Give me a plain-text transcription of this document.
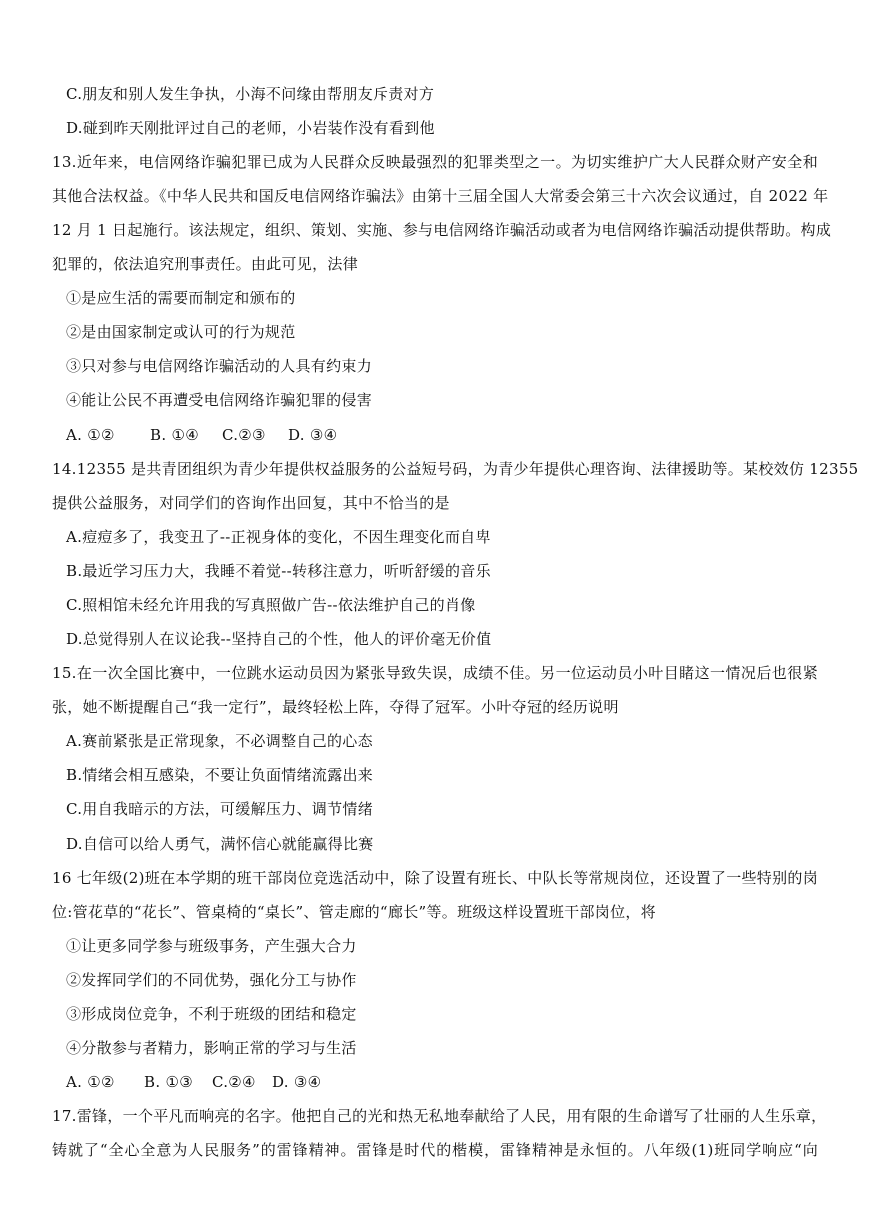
C.朋友和别人发生争执，小海不问缘由帮朋友斥责对方
D.碰到昨天刚批评过自己的老师，小岩装作没有看到他
13.近年来，电信网络诈骗犯罪已成为人民群众反映最强烈的犯罪类型之一。为切实维护广大人民群众财产安全和
其他合法权益。《中华人民共和国反电信网络诈骗法》由第十三届全国人大常委会第三十六次会议通过，自 2022 年
12 月 1 日起施行。该法规定，组织、策划、实施、参与电信网络诈骗活动或者为电信网络诈骗活动提供帮助。构成
犯罪的，依法追究刑事责任。由此可见，法律
①是应生活的需要而制定和颁布的
②是由国家制定或认可的行为规范
③只对参与电信网络诈骗活动的人具有约束力
④能让公民不再遭受电信网络诈骗犯罪的侵害
A. ①② B. ①④ C.②③ D. ③④
14.12355 是共青团组织为青少年提供权益服务的公益短号码，为青少年提供心理咨询、法律援助等。某校效仿 12355
提供公益服务，对同学们的咨询作出回复，其中不恰当的是
A.痘痘多了，我变丑了--正视身体的变化，不因生理变化而自卑
B.最近学习压力大，我睡不着觉--转移注意力，听听舒缓的音乐
C.照相馆未经允许用我的写真照做广告--依法维护自己的肖像
D.总觉得别人在议论我--坚持自己的个性，他人的评价毫无价值
15.在一次全国比赛中，一位跳水运动员因为紧张导致失误，成绩不佳。另一位运动员小叶目睹这一情况后也很紧
张，她不断提醒自己“我一定行”，最终轻松上阵，夺得了冠军。小叶夺冠的经历说明
A.赛前紧张是正常现象，不必调整自己的心态
B.情绪会相互感染，不要让负面情绪流露出来
C.用自我暗示的方法，可缓解压力、调节情绪
D.自信可以给人勇气，满怀信心就能赢得比赛
16 七年级(2)班在本学期的班干部岗位竞选活动中，除了设置有班长、中队长等常规岗位，还设置了一些特别的岗
位:管花草的“花长”、管桌椅的“桌长”、管走廊的“廊长”等。班级这样设置班干部岗位，将
①让更多同学参与班级事务，产生强大合力
②发挥同学们的不同优势，强化分工与协作
③形成岗位竞争，不利于班级的团结和稳定
④分散参与者精力，影响正常的学习与生活
A. ①② B. ①③ C.②④ D. ③④
17.雷锋，一个平凡而响亮的名字。他把自己的光和热无私地奉献给了人民，用有限的生命谱写了壮丽的人生乐章，
铸就了“全心全意为人民服务”的雷锋精神。雷锋是时代的楷模，雷锋精神是永恒的。八年级(1)班同学响应“向
